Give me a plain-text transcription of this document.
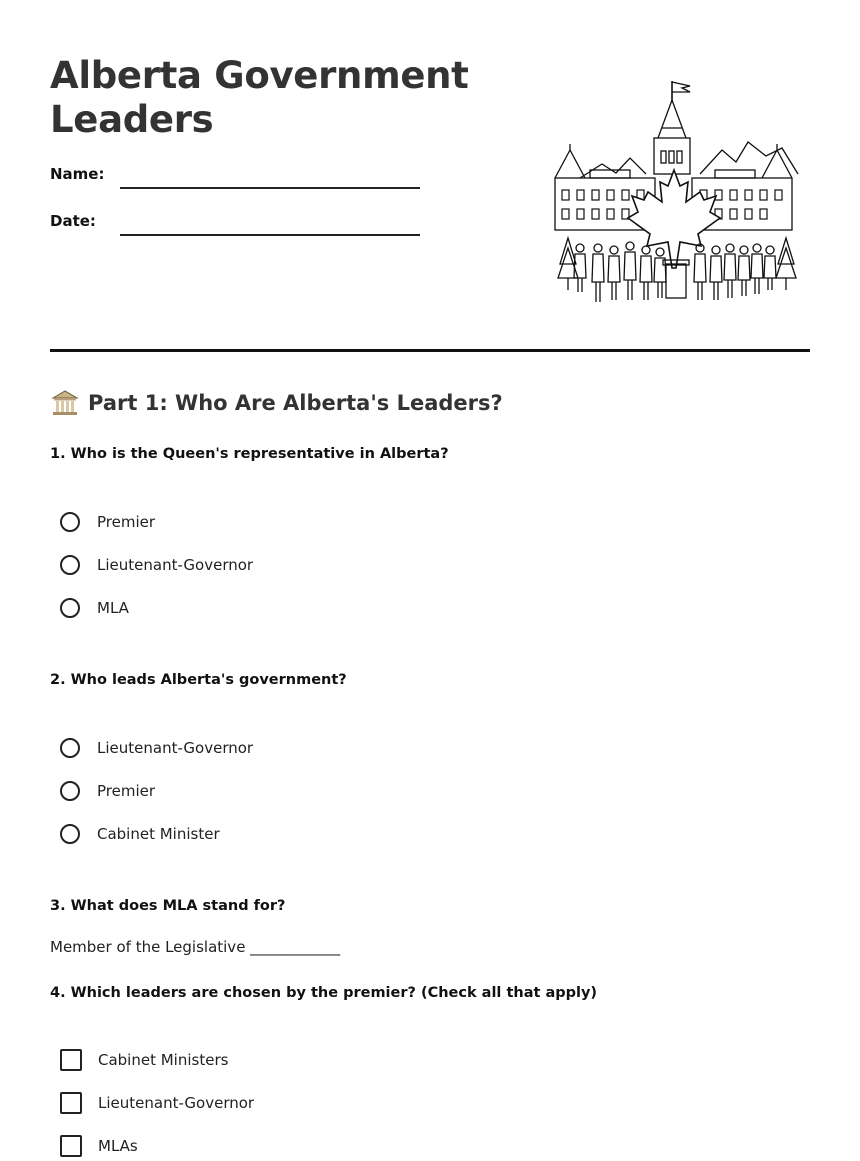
Alberta Government
Leaders
Name:
Date:
Part 1: Who Are Alberta's Leaders?
1. Who is the Queen's representative in Alberta?
Premier
Lieutenant-Governor
MLA
2. Who leads Alberta's government?
Lieutenant-Governor
Premier
Cabinet Minister
3. What does MLA stand for?
Member of the Legislative ____________
4. Which leaders are chosen by the premier? (Check all that apply)
Cabinet Ministers
Lieutenant-Governor
MLAs
